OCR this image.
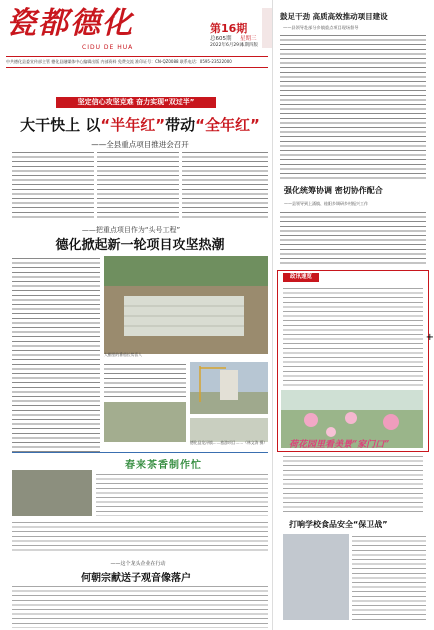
瓷都德化
CIDU DE HUA
第16期
总605期
2022年6月29日
星期三
本期四版
中共德化县委宣传部主管 德化县融媒体中心编辑出版 内部资料 免费交流 准印证号：CN-QZ0088 联系电话：0595-23522000
坚定信心攻坚克难 奋力实现“双过半”
大干快上 以“半年红”带动“全年红”
——全县重点项目推进会召开
——把重点项目作为“头号工程”
德化掀起新一轮项目攻坚热潮
大棚里的番茄长势喜人
德化县龙浔镇……旅游项目……（林文涛 摄）
春来茶香制作忙
——这个龙头企业在行动
何朝宗献送子观音像落户
鼓足干劲 高质高效推动项目建设
——县领导赴部分乡镇重点项目现场督导
强化统筹协调 密切协作配合
——县领导到上涌镇、桂阳乡调研乡村振兴工作
政讯速览
荷花园里看美景“家门口”
打响学校食品安全“保卫战”
+
